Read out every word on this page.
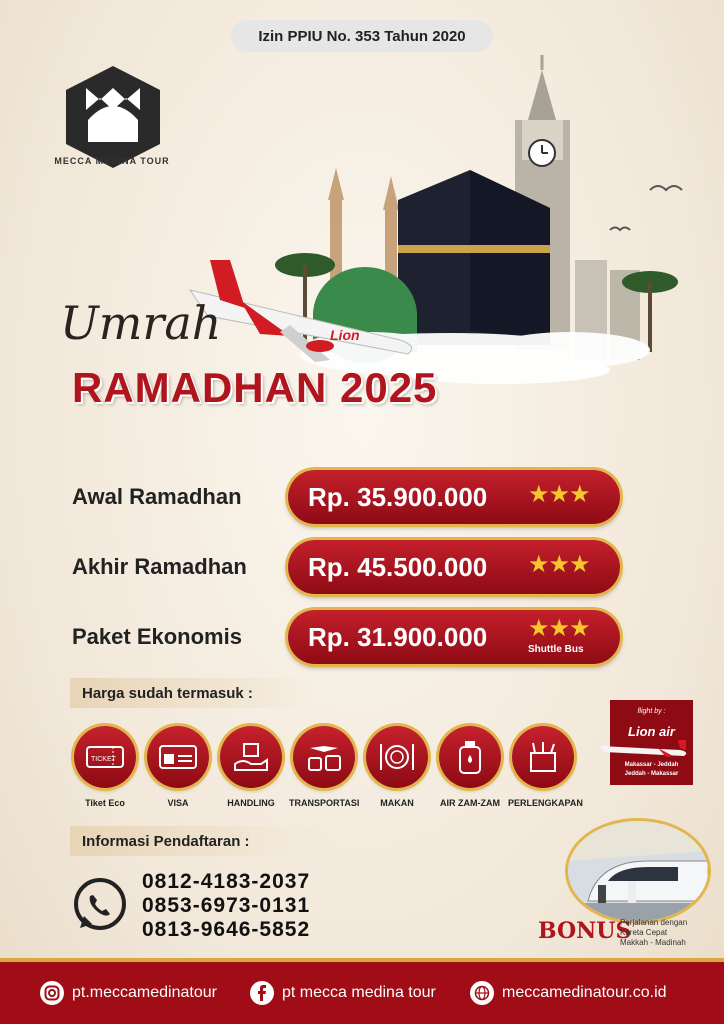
Izin PPIU No. 353 Tahun 2020
MECCA MEDINA TOUR
Lion
Umrah
RAMADHAN 2025
Awal Ramadhan	Rp. 35.900.000 ★★★
Akhir Ramadhan Rp. 45.500.000 ★★★
Paket Ekonomis	Rp. 31.900.000 ★★★
Shuttle Bus
Harga sudah termasuk :
TICKET
Tiket Eco	VISA	HANDLING	TRANSPORTASI	MAKAN	AIR ZAM-ZAM PERLENGKAPAN
flight by :
Lion air
Makassar - Jeddah
Jeddah - Makassar
Informasi Pendaftaran :
0812-4183-2037
0853-6973-0131
0813-9646-5852	BONUS
Perjalanan dengan
Kereta Cepat
Makkah - Madinah
pt.meccamedinatour	pt mecca medina tour	meccamedinatour.co.id
